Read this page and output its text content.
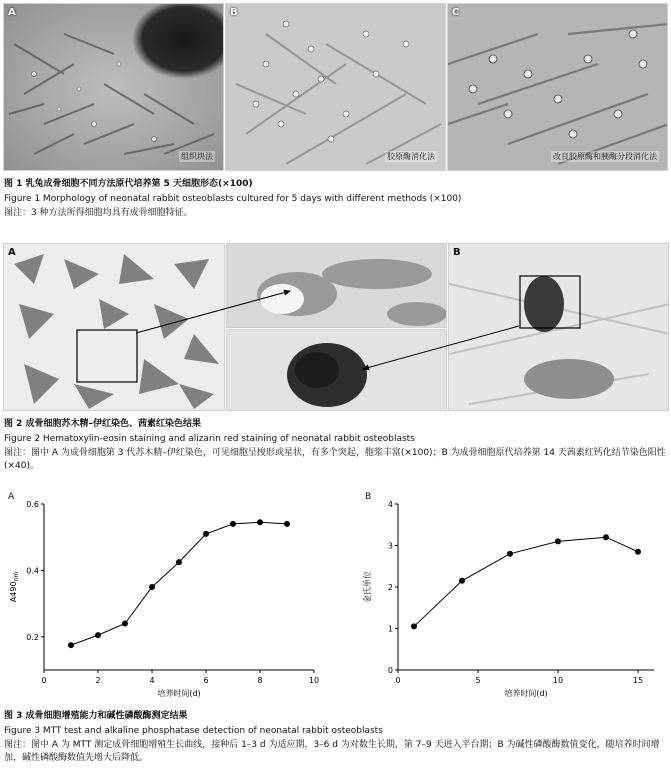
A
组织块法
B
胶原酶消化法
C
改良胶原酶和胰酶分段消化法
图 1 乳兔成骨细胞不同方法原代培养第 5 天细胞形态(×100)
Figure 1 Morphology of neonatal rabbit osteoblasts cultured for 5 days with different methods (×100)
图注：3 种方法所得细胞均具有成骨细胞特征。
A	B
图 2 成骨细胞苏木精–伊红染色、茜素红染色结果
Figure 2 Hematoxylin-eosin staining and alizarin red staining of neonatal rabbit osteoblasts
图注：图中 A 为成骨细胞第 3 代苏木精–伊红染色，可见细胞呈梭形或星状，有多个突起，胞浆丰富(×100)；B 为成骨细胞原代培养第 14 天茜素红钙化结节染色阳性(×40)。
A	B
0	2	4	6	8	10
0.2
0.4
0.6
培养时间(d)
$A490_{nm}$
0	5	10	15
0
1
2
3
4
培养时间(d)
金氏单位
图 3 成骨细胞增殖能力和碱性磷酸酶测定结果
Figure 3 MTT test and alkaline phosphatase detection of neonatal rabbit osteoblasts
图注：图中 A 为 MTT 测定成骨细胞增殖生长曲线，接种后 1–3 d 为适应期，3–6 d 为对数生长期，第 7–9 天进入平台期；B 为碱性磷酸酶数值变化，随培养时间增加，碱性磷酸酶数值先增大后降低。
